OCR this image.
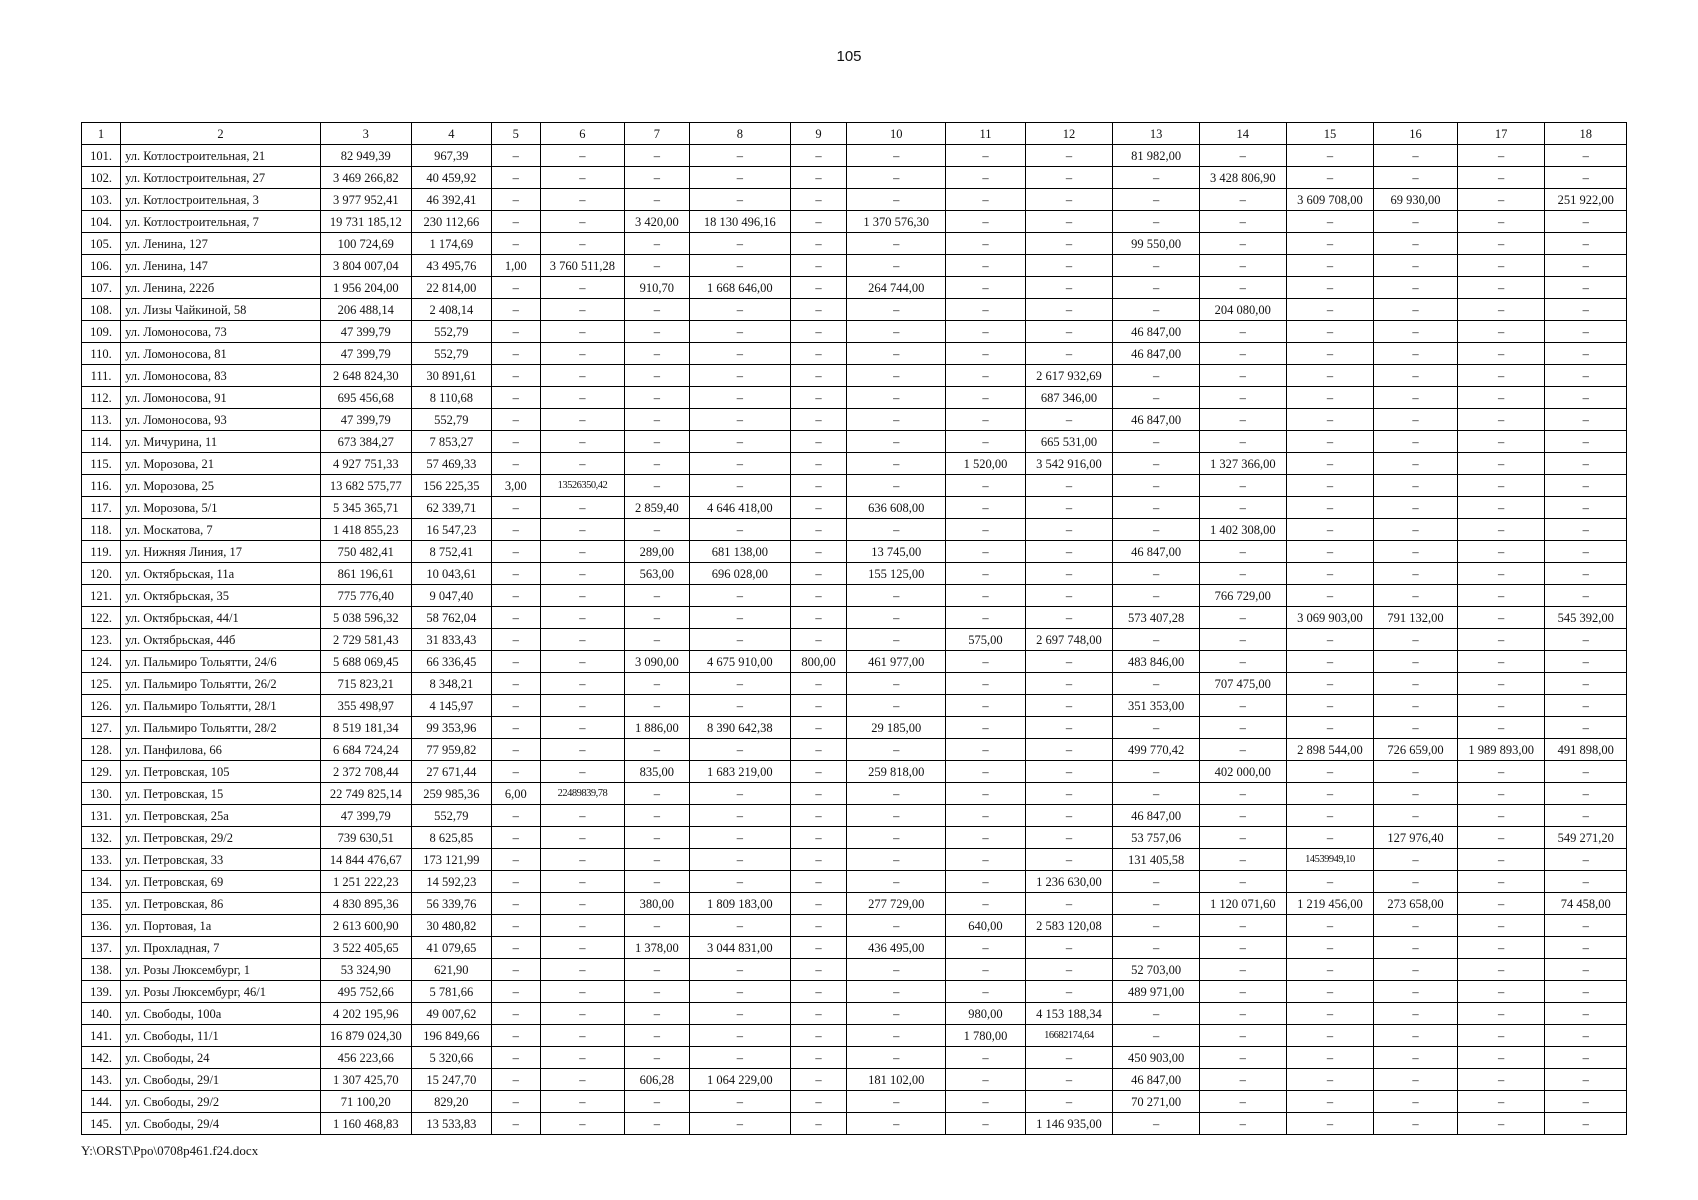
105
1	2	3	4	5	6	7	8	9	10	11	12	13	14	15	16	17	18
101.	ул. Котлостроительная, 21	82 949,39	967,39	–	–	–	–	–	–	–	–	81 982,00	–	–	–	–	–
102.	ул. Котлостроительная, 27	3 469 266,82	40 459,92	–	–	–	–	–	–	–	–	–	3 428 806,90	–	–	–	–
103.	ул. Котлостроительная, 3	3 977 952,41	46 392,41	–	–	–	–	–	–	–	–	–	–	3 609 708,00	69 930,00	–	251 922,00
104.	ул. Котлостроительная, 7	19 731 185,12	230 112,66	–	–	3 420,00	18 130 496,16	–	1 370 576,30	–	–	–	–	–	–	–	–
105.	ул. Ленина, 127	100 724,69	1 174,69	–	–	–	–	–	–	–	–	99 550,00	–	–	–	–	–
106.	ул. Ленина, 147	3 804 007,04	43 495,76	1,00	3 760 511,28	–	–	–	–	–	–	–	–	–	–	–	–
107.	ул. Ленина, 222б	1 956 204,00	22 814,00	–	–	910,70	1 668 646,00	–	264 744,00	–	–	–	–	–	–	–	–
108.	ул. Лизы Чайкиной, 58	206 488,14	2 408,14	–	–	–	–	–	–	–	–	–	204 080,00	–	–	–	–
109.	ул. Ломоносова, 73	47 399,79	552,79	–	–	–	–	–	–	–	–	46 847,00	–	–	–	–	–
110.	ул. Ломоносова, 81	47 399,79	552,79	–	–	–	–	–	–	–	–	46 847,00	–	–	–	–	–
111.	ул. Ломоносова, 83	2 648 824,30	30 891,61	–	–	–	–	–	–	–	2 617 932,69	–	–	–	–	–	–
112.	ул. Ломоносова, 91	695 456,68	8 110,68	–	–	–	–	–	–	–	687 346,00	–	–	–	–	–	–
113.	ул. Ломоносова, 93	47 399,79	552,79	–	–	–	–	–	–	–	–	46 847,00	–	–	–	–	–
114.	ул. Мичурина, 11	673 384,27	7 853,27	–	–	–	–	–	–	–	665 531,00	–	–	–	–	–	–
115.	ул. Морозова, 21	4 927 751,33	57 469,33	–	–	–	–	–	–	1 520,00	3 542 916,00	–	1 327 366,00	–	–	–	–
116.	ул. Морозова, 25	13 682 575,77	156 225,35	3,00	13526350,42	–	–	–	–	–	–	–	–	–	–	–	–
117.	ул. Морозова, 5/1	5 345 365,71	62 339,71	–	–	2 859,40	4 646 418,00	–	636 608,00	–	–	–	–	–	–	–	–
118.	ул. Москатова, 7	1 418 855,23	16 547,23	–	–	–	–	–	–	–	–	–	1 402 308,00	–	–	–	–
119.	ул. Нижняя Линия, 17	750 482,41	8 752,41	–	–	289,00	681 138,00	–	13 745,00	–	–	46 847,00	–	–	–	–	–
120.	ул. Октябрьская, 11а	861 196,61	10 043,61	–	–	563,00	696 028,00	–	155 125,00	–	–	–	–	–	–	–	–
121.	ул. Октябрьская, 35	775 776,40	9 047,40	–	–	–	–	–	–	–	–	–	766 729,00	–	–	–	–
122.	ул. Октябрьская, 44/1	5 038 596,32	58 762,04	–	–	–	–	–	–	–	–	573 407,28	–	3 069 903,00	791 132,00	–	545 392,00
123.	ул. Октябрьская, 44б	2 729 581,43	31 833,43	–	–	–	–	–	–	575,00	2 697 748,00	–	–	–	–	–	–
124.	ул. Пальмиро Тольятти, 24/6	5 688 069,45	66 336,45	–	–	3 090,00	4 675 910,00	800,00	461 977,00	–	–	483 846,00	–	–	–	–	–
125.	ул. Пальмиро Тольятти, 26/2	715 823,21	8 348,21	–	–	–	–	–	–	–	–	–	707 475,00	–	–	–	–
126.	ул. Пальмиро Тольятти, 28/1	355 498,97	4 145,97	–	–	–	–	–	–	–	–	351 353,00	–	–	–	–	–
127.	ул. Пальмиро Тольятти, 28/2	8 519 181,34	99 353,96	–	–	1 886,00	8 390 642,38	–	29 185,00	–	–	–	–	–	–	–	–
128.	ул. Панфилова, 66	6 684 724,24	77 959,82	–	–	–	–	–	–	–	–	499 770,42	–	2 898 544,00	726 659,00	1 989 893,00	491 898,00
129.	ул. Петровская, 105	2 372 708,44	27 671,44	–	–	835,00	1 683 219,00	–	259 818,00	–	–	–	402 000,00	–	–	–	–
130.	ул. Петровская, 15	22 749 825,14	259 985,36	6,00	22489839,78	–	–	–	–	–	–	–	–	–	–	–	–
131.	ул. Петровская, 25а	47 399,79	552,79	–	–	–	–	–	–	–	–	46 847,00	–	–	–	–	–
132.	ул. Петровская, 29/2	739 630,51	8 625,85	–	–	–	–	–	–	–	–	53 757,06	–	–	127 976,40	–	549 271,20
133.	ул. Петровская, 33	14 844 476,67	173 121,99	–	–	–	–	–	–	–	–	131 405,58	–	14539949,10	–	–	–
134.	ул. Петровская, 69	1 251 222,23	14 592,23	–	–	–	–	–	–	–	1 236 630,00	–	–	–	–	–	–
135.	ул. Петровская, 86	4 830 895,36	56 339,76	–	–	380,00	1 809 183,00	–	277 729,00	–	–	–	1 120 071,60	1 219 456,00	273 658,00	–	74 458,00
136.	ул. Портовая, 1а	2 613 600,90	30 480,82	–	–	–	–	–	–	640,00	2 583 120,08	–	–	–	–	–	–
137.	ул. Прохладная, 7	3 522 405,65	41 079,65	–	–	1 378,00	3 044 831,00	–	436 495,00	–	–	–	–	–	–	–	–
138.	ул. Розы Люксембург, 1	53 324,90	621,90	–	–	–	–	–	–	–	–	52 703,00	–	–	–	–	–
139.	ул. Розы Люксембург, 46/1	495 752,66	5 781,66	–	–	–	–	–	–	–	–	489 971,00	–	–	–	–	–
140.	ул. Свободы, 100а	4 202 195,96	49 007,62	–	–	–	–	–	–	980,00	4 153 188,34	–	–	–	–	–	–
141.	ул. Свободы, 11/1	16 879 024,30	196 849,66	–	–	–	–	–	–	1 780,00	16682174,64	–	–	–	–	–	–
142.	ул. Свободы, 24	456 223,66	5 320,66	–	–	–	–	–	–	–	–	450 903,00	–	–	–	–	–
143.	ул. Свободы, 29/1	1 307 425,70	15 247,70	–	–	606,28	1 064 229,00	–	181 102,00	–	–	46 847,00	–	–	–	–	–
144.	ул. Свободы, 29/2	71 100,20	829,20	–	–	–	–	–	–	–	–	70 271,00	–	–	–	–	–
145.	ул. Свободы, 29/4	1 160 468,83	13 533,83	–	–	–	–	–	–	–	1 146 935,00	–	–	–	–	–	–
Y:\ORST\Ppo\0708p461.f24.docx
